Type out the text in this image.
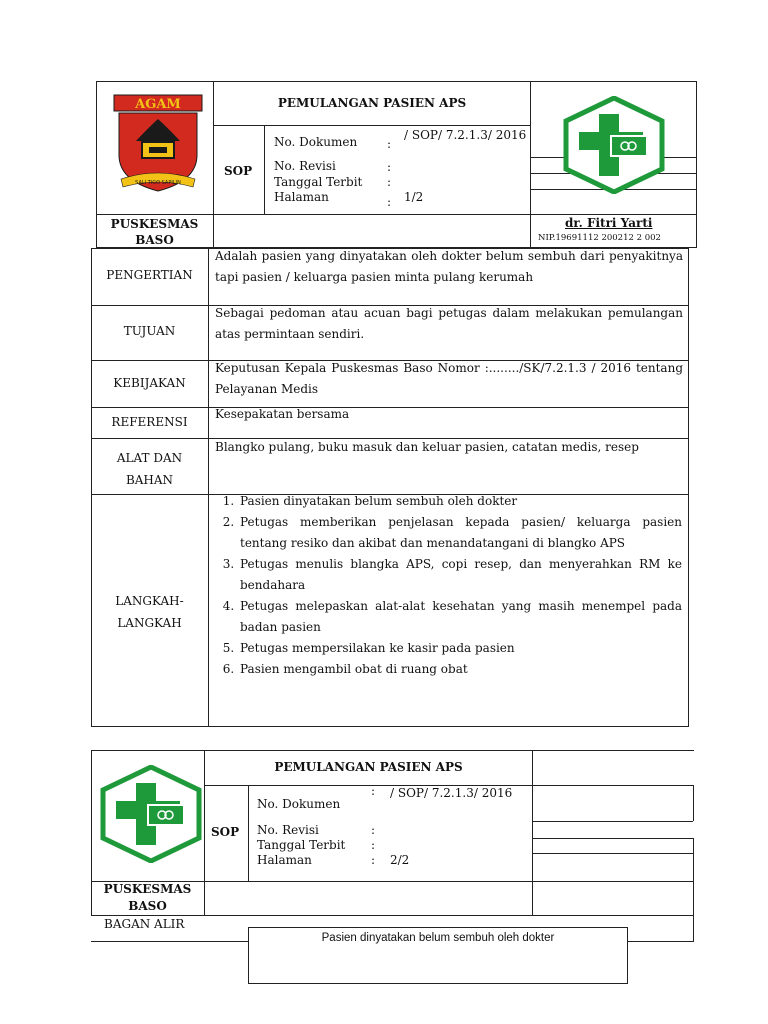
AGAM
SALI TIGO SAPILIN
PEMULANGAN PASIEN APS
SOP
No. Dokumen :
/ SOP/ 7.2.1.3/ 2016
No. Revisi	:
Tanggal Terbit :
Halaman	: 1/2
PUSKESMAS
BASO
dr. Fitri Yarti
NIP.19691112 200212 2 002
PENGERTIAN
Adalah pasien yang dinyatakan oleh dokter belum sembuh dari penyakitnya tapi pasien / keluarga pasien minta pulang kerumah
TUJUAN
Sebagai pedoman atau acuan bagi petugas dalam melakukan pemulangan atas permintaan sendiri.
KEBIJAKAN
Keputusan Kepala Puskesmas Baso Nomor :......../SK/7.2.1.3 / 2016 tentang Pelayanan Medis
REFERENSI
Kesepakatan bersama
ALAT DAN
BAHAN
Blangko pulang, buku masuk dan keluar pasien, catatan medis, resep
LANGKAH-
LANGKAH
1. Pasien dinyatakan belum sembuh oleh dokter
2. Petugas memberikan penjelasan kepada pasien/ keluarga pasien tentang resiko dan akibat dan menandatangani di blangko APS
3. Petugas menulis blangka APS, copi resep, dan menyerahkan RM ke bendahara
4. Petugas melepaskan alat-alat kesehatan yang masih menempel pada badan pasien
5. Petugas mempersilakan ke kasir pada pasien
6. Pasien mengambil obat di ruang obat
PEMULANGAN PASIEN APS
SOP
No. Dokumen
: / SOP/ 7.2.1.3/ 2016
No. Revisi	:
Tanggal Terbit :
Halaman	: 2/2
PUSKESMAS
BASO
BAGAN ALIR
Pasien dinyatakan belum sembuh oleh dokter
